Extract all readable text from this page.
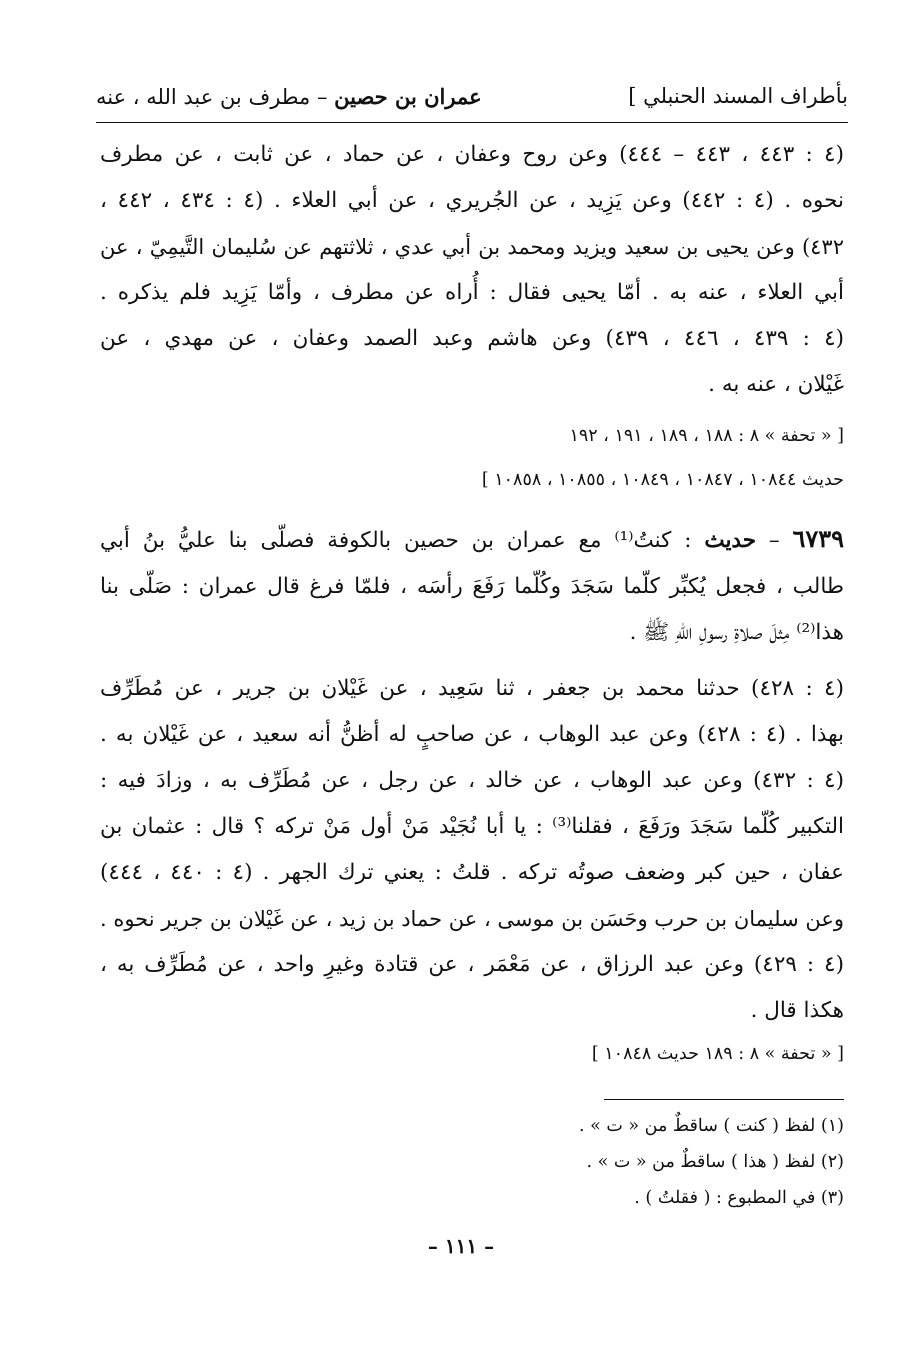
بأطراف المسند الحنبلي ]
عمران بن حصين – مطرف بن عبد الله ، عنه
(٤ : ٤٤٣ ، ٤٤٣ – ٤٤٤) وعن روح وعفان ، عن حماد ، عن ثابت ، عن مطرف
نحوه . (٤ : ٤٤٢) وعن يَزِيد ، عن الجُريري ، عن أبي العلاء . (٤ : ٤٣٤ ، ٤٤٢ ،
٤٣٢) وعن يحيى بن سعيد ويزيد ومحمد بن أبي عدي ، ثلاثتهم عن سُليمان التَّيمِيّ ، عن
أبي العلاء ، عنه به . أمّا يحيى فقال : أُراه عن مطرف ، وأمّا يَزِيد فلم يذكره .
(٤ : ٤٣٩ ، ٤٤٦ ، ٤٣٩) وعن هاشم وعبد الصمد وعفان ، عن مهدي ، عن
غَيْلان ، عنه به .
[ « تحفة » ٨ : ١٨٨ ، ١٨٩ ، ١٩١ ، ١٩٢
حديث ١٠٨٤٤ ، ١٠٨٤٧ ، ١٠٨٤٩ ، ١٠٨٥٥ ، ١٠٨٥٨ ]
٦٧٣٩ – حديث : كنتُ⁽¹⁾ مع عمران بن حصين بالكوفة فصلّى بنا عليُّ بنُ أبي
طالب ، فجعل يُكبِّر كلّما سَجَدَ وكُلّما رَفَعَ رأسَه ، فلمّا فرغ قال عمران : صَلّى بنا
هذا⁽²⁾ مِثلَ صلاةِ رسولِ اللهِ ﷺ .
(٤ : ٤٢٨) حدثنا محمد بن جعفر ، ثنا سَعِيد ، عن غَيْلان بن جرير ، عن مُطَرِّف
بهذا . (٤ : ٤٢٨) وعن عبد الوهاب ، عن صاحبٍ له أظنُّ أنه سعيد ، عن غَيْلان به .
(٤ : ٤٣٢) وعن عبد الوهاب ، عن خالد ، عن رجل ، عن مُطَرِّف به ، وزادَ فيه :
التكبير كُلّما سَجَدَ ورَفَعَ ، فقلنا⁽³⁾ : يا أبا نُجَيْد مَنْ أول مَنْ تركه ؟ قال : عثمان بن
عفان ، حين كبر وضعف صوتُه تركه . قلتُ : يعني ترك الجهر . (٤ : ٤٤٠ ، ٤٤٤)
وعن سليمان بن حرب وحَسَن بن موسى ، عن حماد بن زيد ، عن غَيْلان بن جرير نحوه .
(٤ : ٤٢٩) وعن عبد الرزاق ، عن مَعْمَر ، عن قتادة وغيرِ واحد ، عن مُطَرِّف به ،
هكذا قال .
[ « تحفة » ٨ : ١٨٩ حديث ١٠٨٤٨ ]
(١) لفظ ( كنت ) ساقطٌ من « ت » .
(٢) لفظ ( هذا ) ساقطٌ من « ت » .
(٣) في المطبوع : ( فقلتُ ) .
– ١١١ –
